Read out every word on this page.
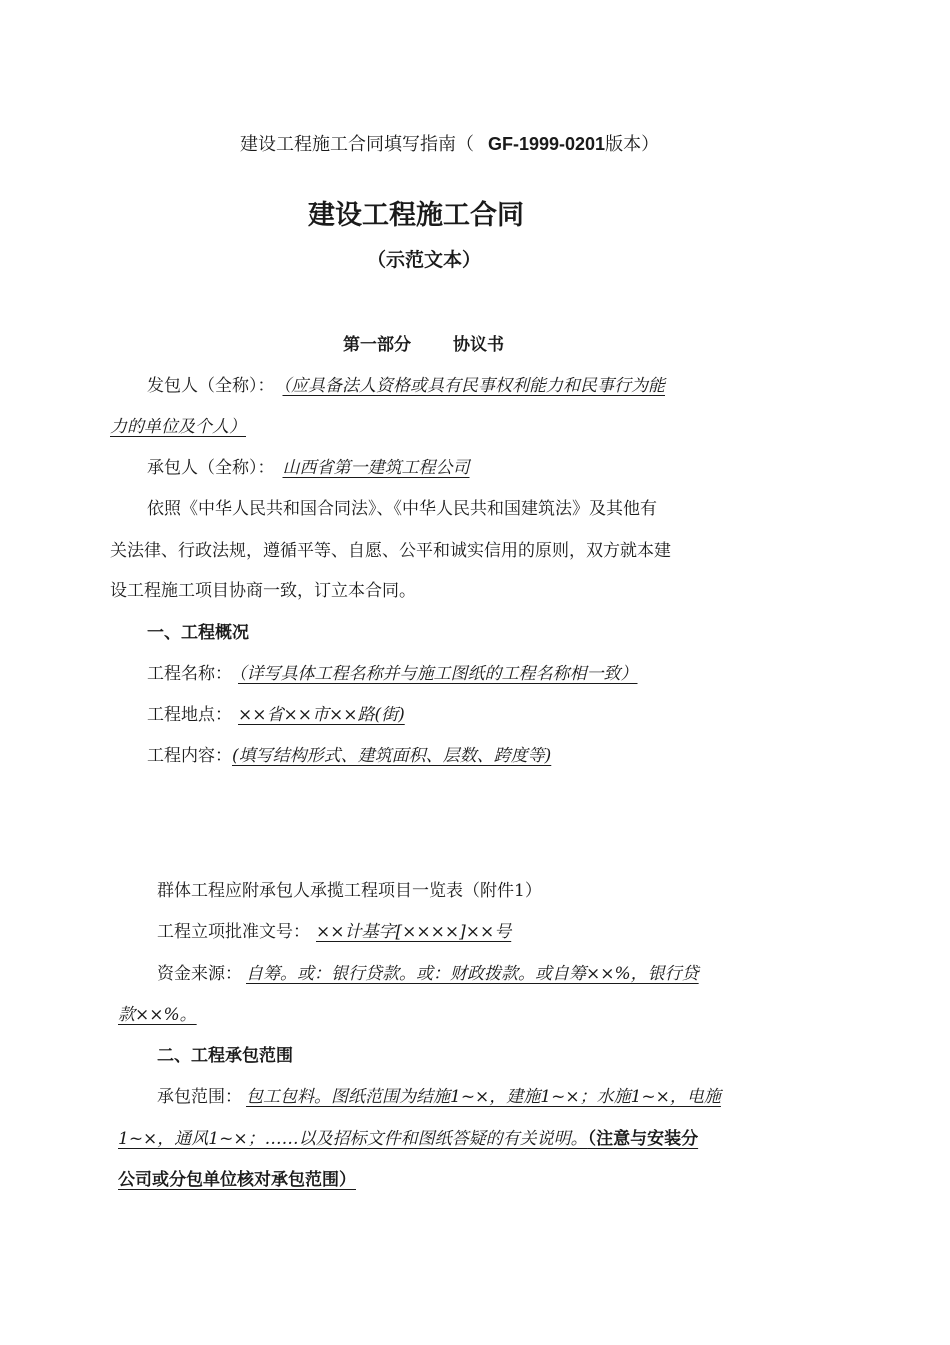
建设工程施工合同填写指南（ GF-1999-0201版本）
建设工程施工合同
（示范文本）
第一部分 协议书
发包人（全称）： （应具备法人资格或具有民事权利能力和民事行为能
力的单位及个人）
承包人（全称）： 山西省第一建筑工程公司
依照《中华人民共和国合同法》、《中华人民共和国建筑法》及其他有
关法律、行政法规，遵循平等、自愿、公平和诚实信用的原则，双方就本建
设工程施工项目协商一致，订立本合同。
一、工程概况
工程名称： （详写具体工程名称并与施工图纸的工程名称相一致）
工程地点： ××省××市××路(街)
工程内容：(填写结构形式、建筑面积、层数、跨度等)
群体工程应附承包人承揽工程项目一览表（附件1）
工程立项批准文号： ××计基字[××××]××号
资金来源： 自筹。或：银行贷款。或：财政拨款。或自筹××%，银行贷
款××%。
二、工程承包范围
承包范围： 包工包料。图纸范围为结施1~×，建施1~×；水施1~×，电施
1~×，通风1~×；……以及招标文件和图纸答疑的有关说明。（注意与安装分
公司或分包单位核对承包范围）
